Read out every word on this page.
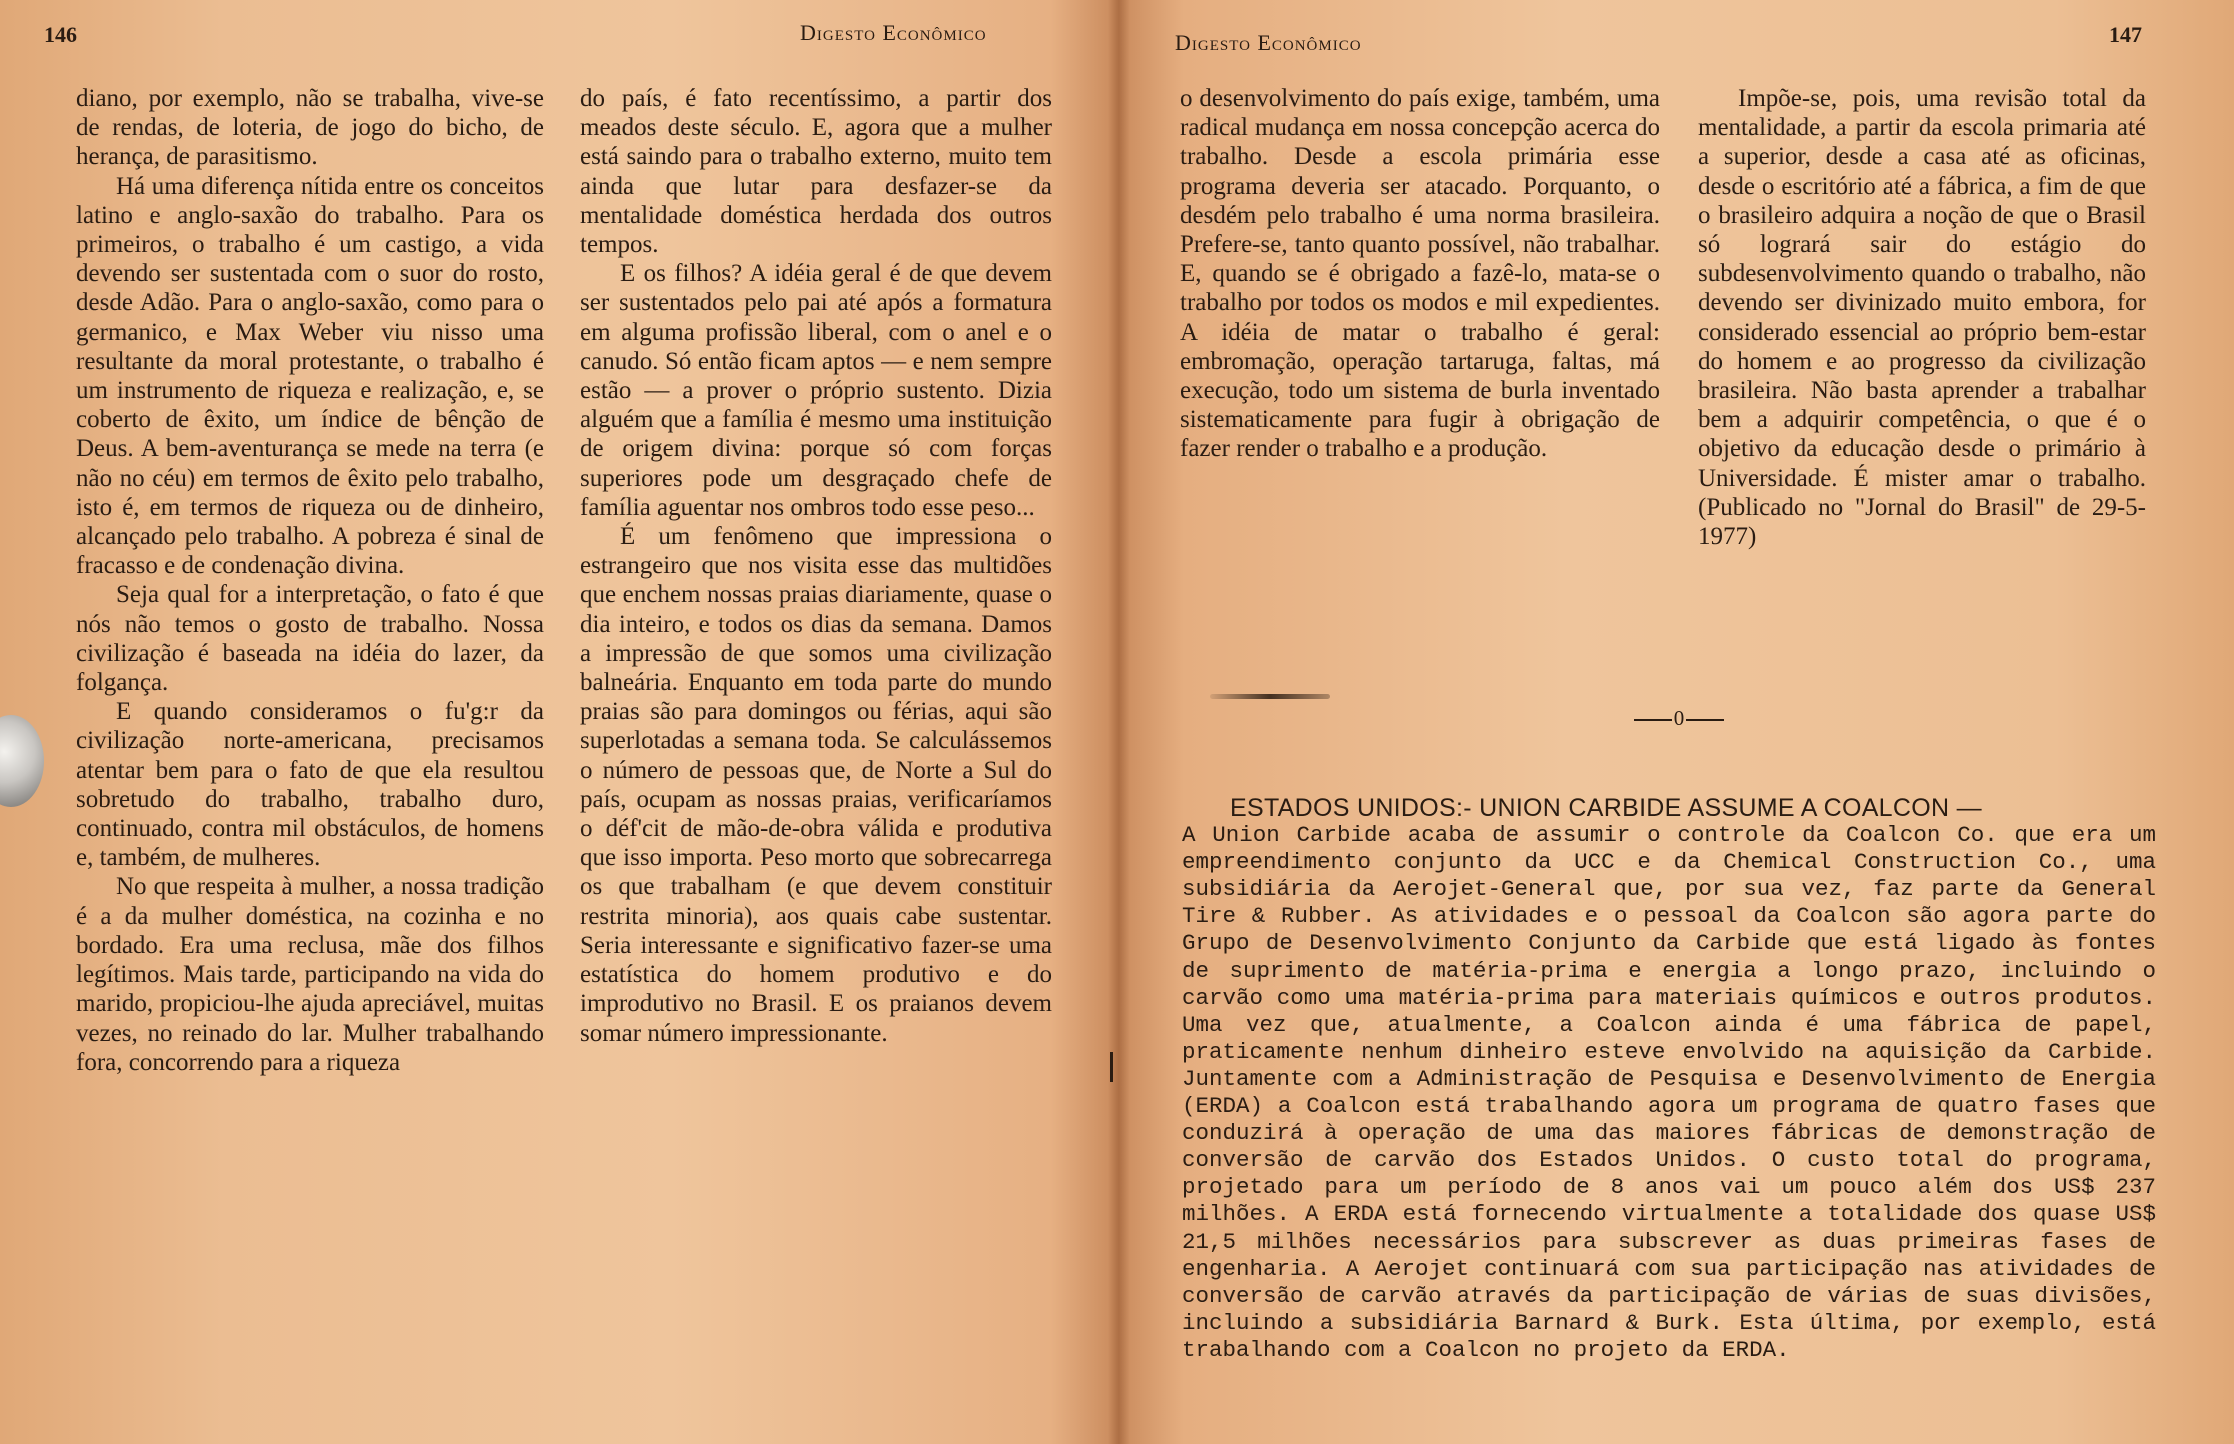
146	Digesto Econômico

diano, por exemplo, não se trabalha, vive-se de rendas, de loteria, de jogo do bicho, de herança, de parasitismo.

Há uma diferença nítida entre os conceitos latino e anglo-saxão do trabalho. Para os primeiros, o trabalho é um castigo, a vida devendo ser sustentada com o suor do rosto, desde Adão. Para o anglo-saxão, como para o germanico, e Max Weber viu nisso uma resultante da moral protestante, o trabalho é um instrumento de riqueza e realização, e, se coberto de êxito, um índice de bênção de Deus. A bem-aventurança se mede na terra (e não no céu) em termos de êxito pelo trabalho, isto é, em termos de riqueza ou de dinheiro, alcançado pelo trabalho. A pobreza é sinal de fracasso e de condenação divina.

Seja qual for a interpretação, o fato é que nós não temos o gosto de trabalho. Nossa civilização é baseada na idéia do lazer, da folgança.

E quando consideramos o fu'g:r da civilização norte-americana, precisamos atentar bem para o fato de que ela resultou sobretudo do trabalho, trabalho duro, continuado, contra mil obstáculos, de homens e, também, de mulheres.

No que respeita à mulher, a nossa tradição é a da mulher doméstica, na cozinha e no bordado. Era uma reclusa, mãe dos filhos legítimos. Mais tarde, participando na vida do marido, propiciou-lhe ajuda apreciável, muitas vezes, no reinado do lar. Mulher trabalhando fora, concorrendo para a riqueza

do país, é fato recentíssimo, a partir dos meados deste século. E, agora que a mulher está saindo para o trabalho externo, muito tem ainda que lutar para desfazer-se da mentalidade doméstica herdada dos outros tempos.

E os filhos? A idéia geral é de que devem ser sustentados pelo pai até após a formatura em alguma profissão liberal, com o anel e o canudo. Só então ficam aptos — e nem sempre estão — a prover o próprio sustento. Dizia alguém que a família é mesmo uma instituição de origem divina: porque só com forças superiores pode um desgraçado chefe de família aguentar nos ombros todo esse peso...

É um fenômeno que impressiona o estrangeiro que nos visita esse das multidões que enchem nossas praias diariamente, quase o dia inteiro, e todos os dias da semana. Damos a impressão de que somos uma civilização balneária. Enquanto em toda parte do mundo praias são para domingos ou férias, aqui são superlotadas a semana toda. Se calculássemos o número de pessoas que, de Norte a Sul do país, ocupam as nossas praias, verificaríamos o déf'cit de mão-de-obra válida e produtiva que isso importa. Peso morto que sobrecarrega os que trabalham (e que devem constituir restrita minoria), aos quais cabe sustentar. Seria interessante e significativo fazer-se uma estatística do homem produtivo e do improdutivo no Brasil. E os praianos devem somar número impressionante.

Digesto Econômico	147

o desenvolvimento do país exige, também, uma radical mudança em nossa concepção acerca do trabalho. Desde a escola primária esse programa deveria ser atacado. Porquanto, o desdém pelo trabalho é uma norma brasileira. Prefere-se, tanto quanto possível, não trabalhar. E, quando se é obrigado a fazê-lo, mata-se o trabalho por todos os modos e mil expedientes. A idéia de matar o trabalho é geral: embromação, operação tartaruga, faltas, má execução, todo um sistema de burla inventado sistematicamente para fugir à obrigação de fazer render o trabalho e a produção.

Impõe-se, pois, uma revisão total da mentalidade, a partir da escola primaria até a superior, desde a casa até as oficinas, desde o escritório até a fábrica, a fim de que o brasileiro adquira a noção de que o Brasil só logrará sair do estágio do subdesenvolvimento quando o trabalho, não devendo ser divinizado muito embora, for considerado essencial ao próprio bem-estar do homem e ao progresso da civilização brasileira. Não basta aprender a trabalhar bem a adquirir competência, o que é o objetivo da educação desde o primário à Universidade. É mister amar o trabalho. (Publicado no "Jornal do Brasil" de 29-5-1977)

0
ESTADOS UNIDOS:- UNION CARBIDE ASSUME A COALCON —
A Union Carbide acaba de assumir o controle da Coalcon Co. que era um empreendimento conjunto da UCC e da Chemical Construction Co., uma subsidiária da Aerojet-General que, por sua vez, faz parte da General Tire & Rubber. As atividades e o pessoal da Coalcon são agora parte do Grupo de Desenvolvimento Conjunto da Carbide que está ligado às fontes de suprimento de matéria-prima e energia a longo prazo, incluindo o carvão como uma matéria-prima para materiais químicos e outros produtos. Uma vez que, atualmente, a Coalcon ainda é uma fábrica de papel, praticamente nenhum dinheiro esteve envolvido na aquisição da Carbide. Juntamente com a Administração de Pesquisa e Desenvolvimento de Energia (ERDA) a Coalcon está trabalhando agora um programa de quatro fases que conduzirá à operação de uma das maiores fábricas de demonstração de conversão de carvão dos Estados Unidos. O custo total do programa, projetado para um período de 8 anos vai um pouco além dos US$ 237 milhões. A ERDA está fornecendo virtualmente a totalidade dos quase US$ 21,5 milhões necessários para subscrever as duas primeiras fases de engenharia. A Aerojet continuará com sua participação nas atividades de conversão de carvão através da participação de várias de suas divisões, incluindo a subsidiária Barnard & Burk. Esta última, por exemplo, está trabalhando com a Coalcon no projeto da ERDA.
